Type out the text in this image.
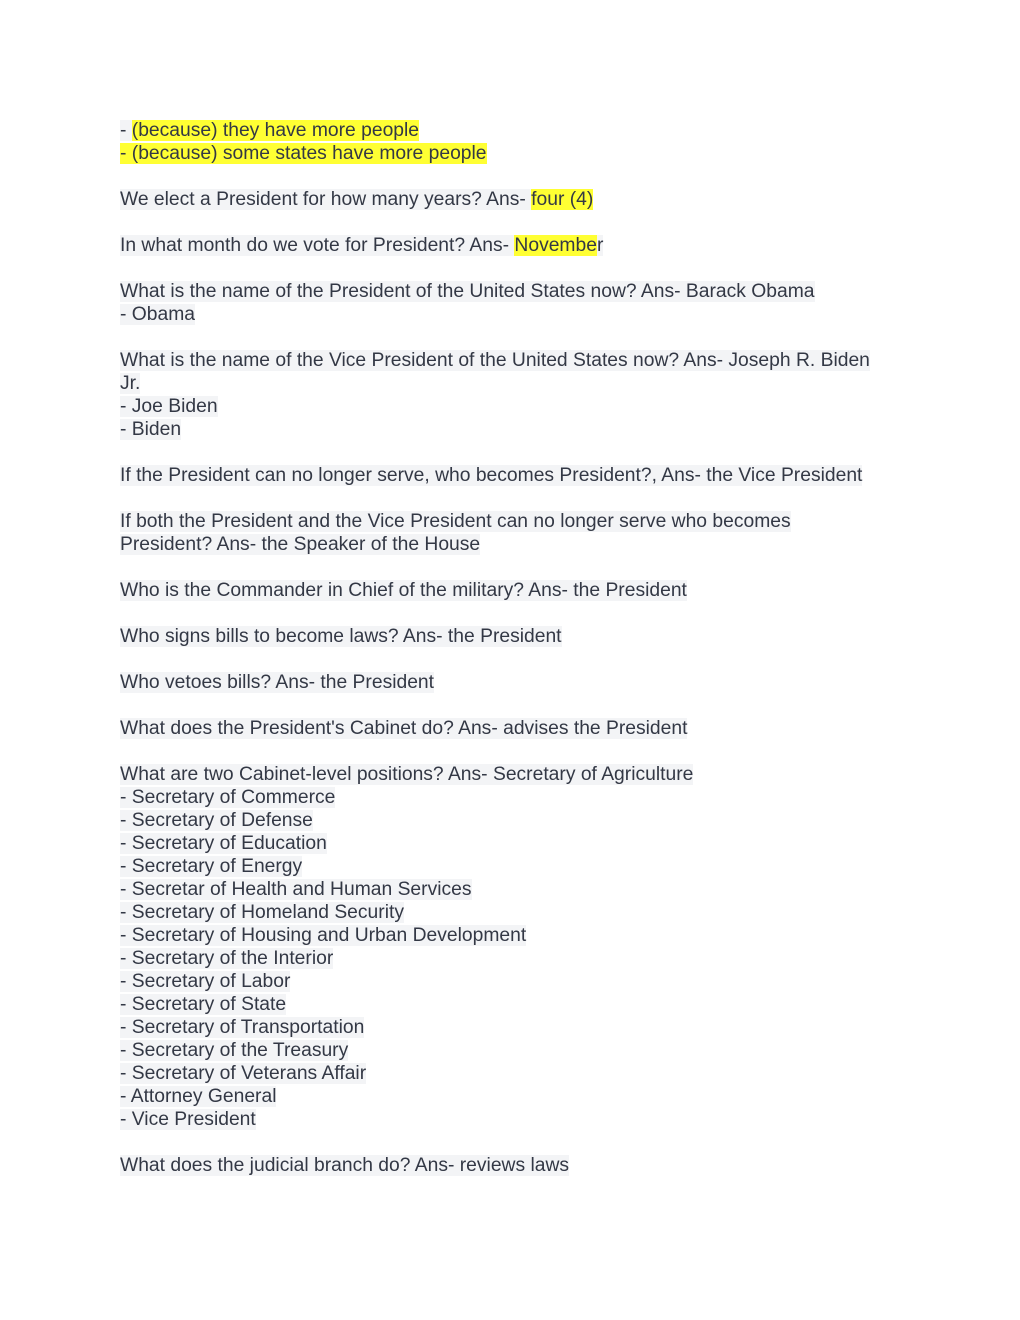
- (because) they have more people
- (because) some states have more people
We elect a President for how many years? Ans- four (4)
In what month do we vote for President? Ans- November
What is the name of the President of the United States now? Ans- Barack Obama
- Obama
What is the name of the Vice President of the United States now? Ans- Joseph R. Biden
Jr.
- Joe Biden
- Biden
If the President can no longer serve, who becomes President?, Ans- the Vice President
If both the President and the Vice President can no longer serve who becomes
President? Ans- the Speaker of the House
Who is the Commander in Chief of the military? Ans- the President
Who signs bills to become laws? Ans- the President
Who vetoes bills? Ans- the President
What does the President's Cabinet do? Ans- advises the President
What are two Cabinet-level positions? Ans- Secretary of Agriculture
- Secretary of Commerce
- Secretary of Defense
- Secretary of Education
- Secretary of Energy
- Secretar of Health and Human Services
- Secretary of Homeland Security
- Secretary of Housing and Urban Development
- Secretary of the Interior
- Secretary of Labor
- Secretary of State
- Secretary of Transportation
- Secretary of the Treasury
- Secretary of Veterans Affair
- Attorney General
- Vice President
What does the judicial branch do? Ans- reviews laws
